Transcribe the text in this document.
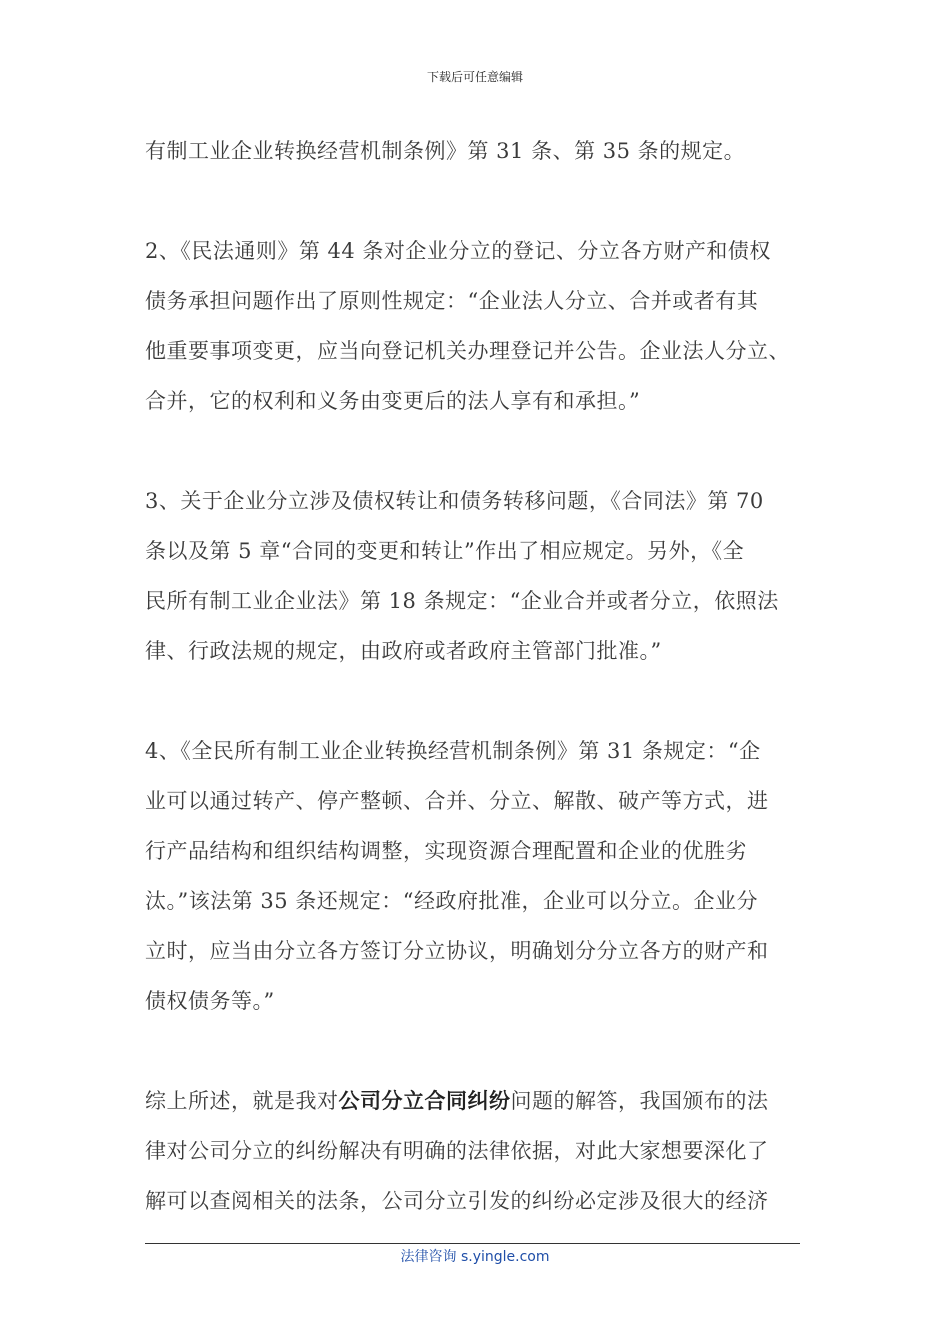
下载后可任意编辑

有制工业企业转换经营机制条例》第 31 条、第 35 条的规定。

2、《民法通则》第 44 条对企业分立的登记、分立各方财产和债权
债务承担问题作出了原则性规定：“企业法人分立、合并或者有其
他重要事项变更，应当向登记机关办理登记并公告。企业法人分立、
合并，它的权利和义务由变更后的法人享有和承担。”

3、关于企业分立涉及债权转让和债务转移问题，《合同法》第 70
条以及第 5 章“合同的变更和转让”作出了相应规定。另外，《全
民所有制工业企业法》第 18 条规定：“企业合并或者分立，依照法
律、行政法规的规定，由政府或者政府主管部门批准。”

4、《全民所有制工业企业转换经营机制条例》第 31 条规定：“企
业可以通过转产、停产整顿、合并、分立、解散、破产等方式，进
行产品结构和组织结构调整，实现资源合理配置和企业的优胜劣
汰。”该法第 35 条还规定：“经政府批准，企业可以分立。企业分
立时，应当由分立各方签订分立协议，明确划分分立各方的财产和
债权债务等。”

综上所述，就是我对公司分立合同纠纷问题的解答，我国颁布的法
律对公司分立的纠纷解决有明确的法律依据，对此大家想要深化了
解可以查阅相关的法条，公司分立引发的纠纷必定涉及很大的经济

法律咨询 s.yingle.com
